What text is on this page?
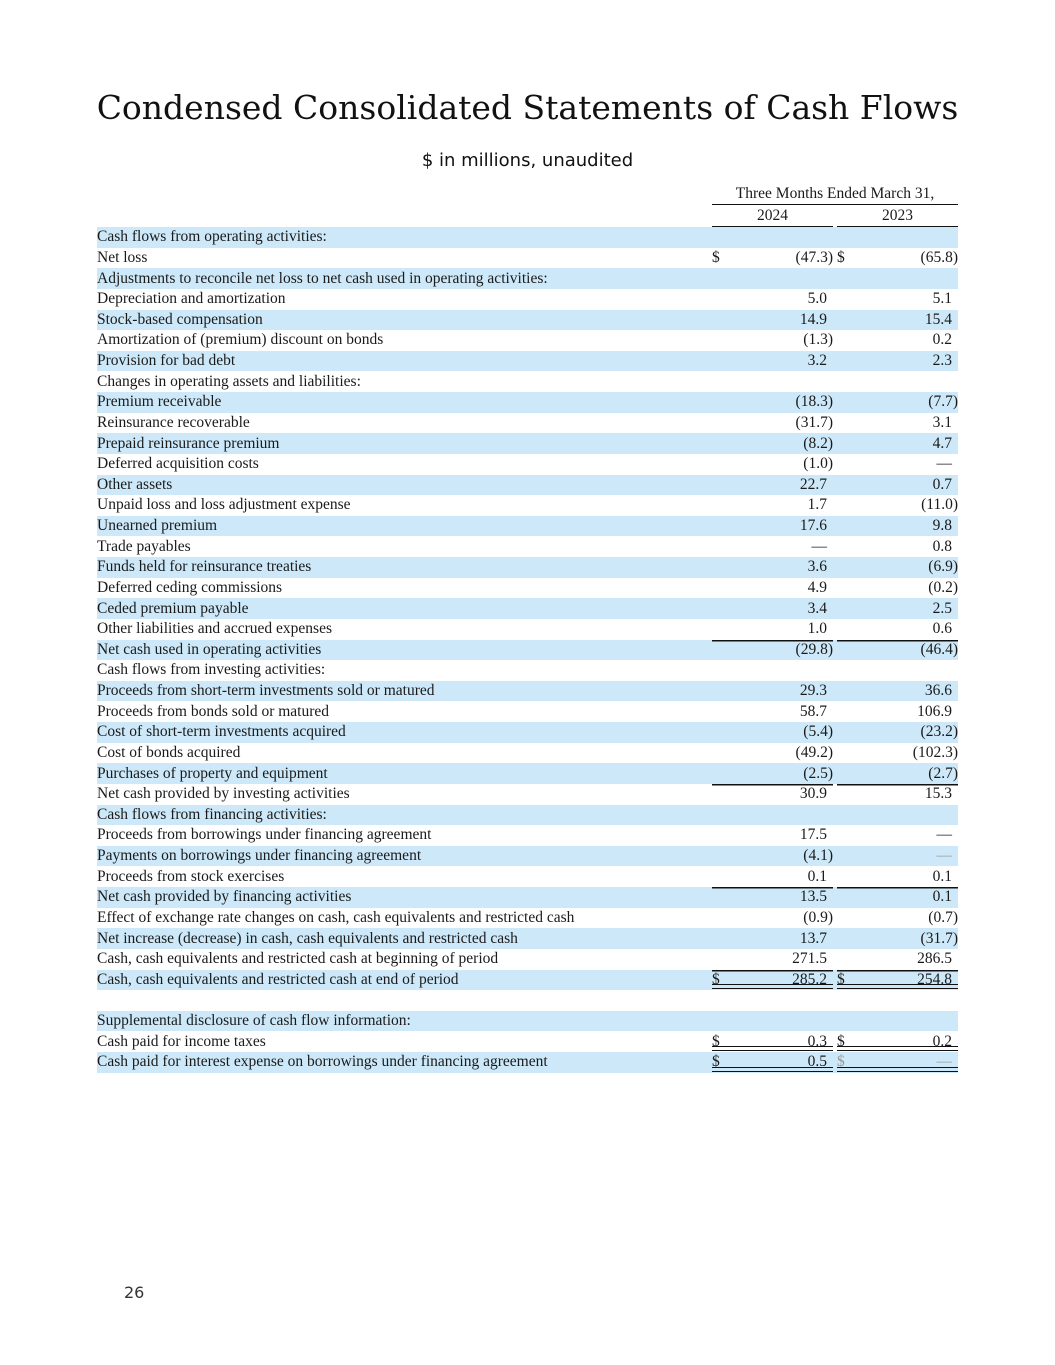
Condensed Consolidated Statements of Cash Flows
$ in millions, unaudited
Three Months Ended March 31,
2024	2023
Cash flows from operating activities:			
Net loss	$ (47.3)		$ (65.8)

Adjustments to reconcile net loss to net cash used in operating activities:			
Depreciation and amortization	5.0		5.1

Stock-based compensation	14.9		15.4

Amortization of (premium) discount on bonds	(1.3)		0.2

Provision for bad debt	3.2		2.3

Changes in operating assets and liabilities:			
Premium receivable	(18.3)		(7.7)

Reinsurance recoverable	(31.7)		3.1

Prepaid reinsurance premium	(8.2)		4.7

Deferred acquisition costs	(1.0)		—

Other assets	22.7		0.7

Unpaid loss and loss adjustment expense	1.7		(11.0)

Unearned premium	17.6		9.8

Trade payables	—		0.8

Funds held for reinsurance treaties	3.6		(6.9)

Deferred ceding commissions	4.9		(0.2)

Ceded premium payable	3.4		2.5

Other liabilities and accrued expenses	1.0		0.6

Net cash used in operating activities	(29.8)		(46.4)

Cash flows from investing activities:			
Proceeds from short-term investments sold or matured	29.3		36.6

Proceeds from bonds sold or matured	58.7		106.9

Cost of short-term investments acquired	(5.4)		(23.2)

Cost of bonds acquired	(49.2)		(102.3)

Purchases of property and equipment	(2.5)		(2.7)

Net cash provided by investing activities	30.9		15.3

Cash flows from financing activities:			
Proceeds from borrowings under financing agreement	17.5		—

Payments on borrowings under financing agreement	(4.1)		—

Proceeds from stock exercises	0.1		0.1

Net cash provided by financing activities	13.5		0.1

Effect of exchange rate changes on cash, cash equivalents and restricted cash	(0.9)		(0.7)

Net increase (decrease) in cash, cash equivalents and restricted cash	13.7		(31.7)

Cash, cash equivalents and restricted cash at beginning of period	271.5		286.5

Cash, cash equivalents and restricted cash at end of period	$ 285.2		$ 254.8

Supplemental disclosure of cash flow information:			
Cash paid for income taxes	$ 0.3		$ 0.2

Cash paid for interest expense on borrowings under financing agreement	$ 0.5		$ —
26
